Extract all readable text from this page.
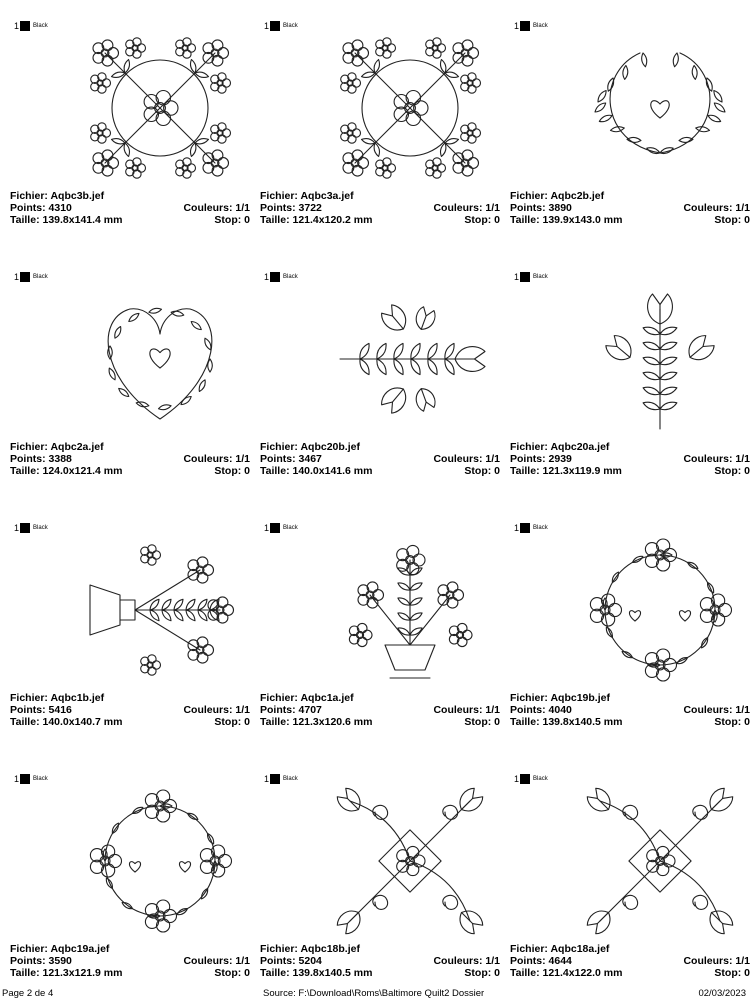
1 Black
Fichier: Aqbc3b.jef
Points: 4310	Couleurs: 1/1
Taille: 139.8x141.4 mm	Stop: 0
1 Black
Fichier: Aqbc3a.jef
Points: 3722	Couleurs: 1/1
Taille: 121.4x120.2 mm	Stop: 0
1 Black
Fichier: Aqbc2b.jef
Points: 3890	Couleurs: 1/1
Taille: 139.9x143.0 mm	Stop: 0
1 Black
Fichier: Aqbc2a.jef
Points: 3388	Couleurs: 1/1
Taille: 124.0x121.4 mm	Stop: 0
1 Black
Fichier: Aqbc20b.jef
Points: 3467	Couleurs: 1/1
Taille: 140.0x141.6 mm	Stop: 0
1 Black
Fichier: Aqbc20a.jef
Points: 2939	Couleurs: 1/1
Taille: 121.3x119.9 mm	Stop: 0
1 Black
Fichier: Aqbc1b.jef
Points: 5416	Couleurs: 1/1
Taille: 140.0x140.7 mm	Stop: 0
1 Black
Fichier: Aqbc1a.jef
Points: 4707	Couleurs: 1/1
Taille: 121.3x120.6 mm	Stop: 0
1 Black
Fichier: Aqbc19b.jef
Points: 4040	Couleurs: 1/1
Taille: 139.8x140.5 mm	Stop: 0
1 Black
Fichier: Aqbc19a.jef
Points: 3590	Couleurs: 1/1
Taille: 121.3x121.9 mm	Stop: 0
1 Black
Fichier: Aqbc18b.jef
Points: 5204	Couleurs: 1/1
Taille: 139.8x140.5 mm	Stop: 0
1 Black
Fichier: Aqbc18a.jef
Points: 4644	Couleurs: 1/1
Taille: 121.4x122.0 mm	Stop: 0
Page 2 de 4	Source: F:\Download\Roms\Baltimore Quilt2 Dossier	02/03/2023
